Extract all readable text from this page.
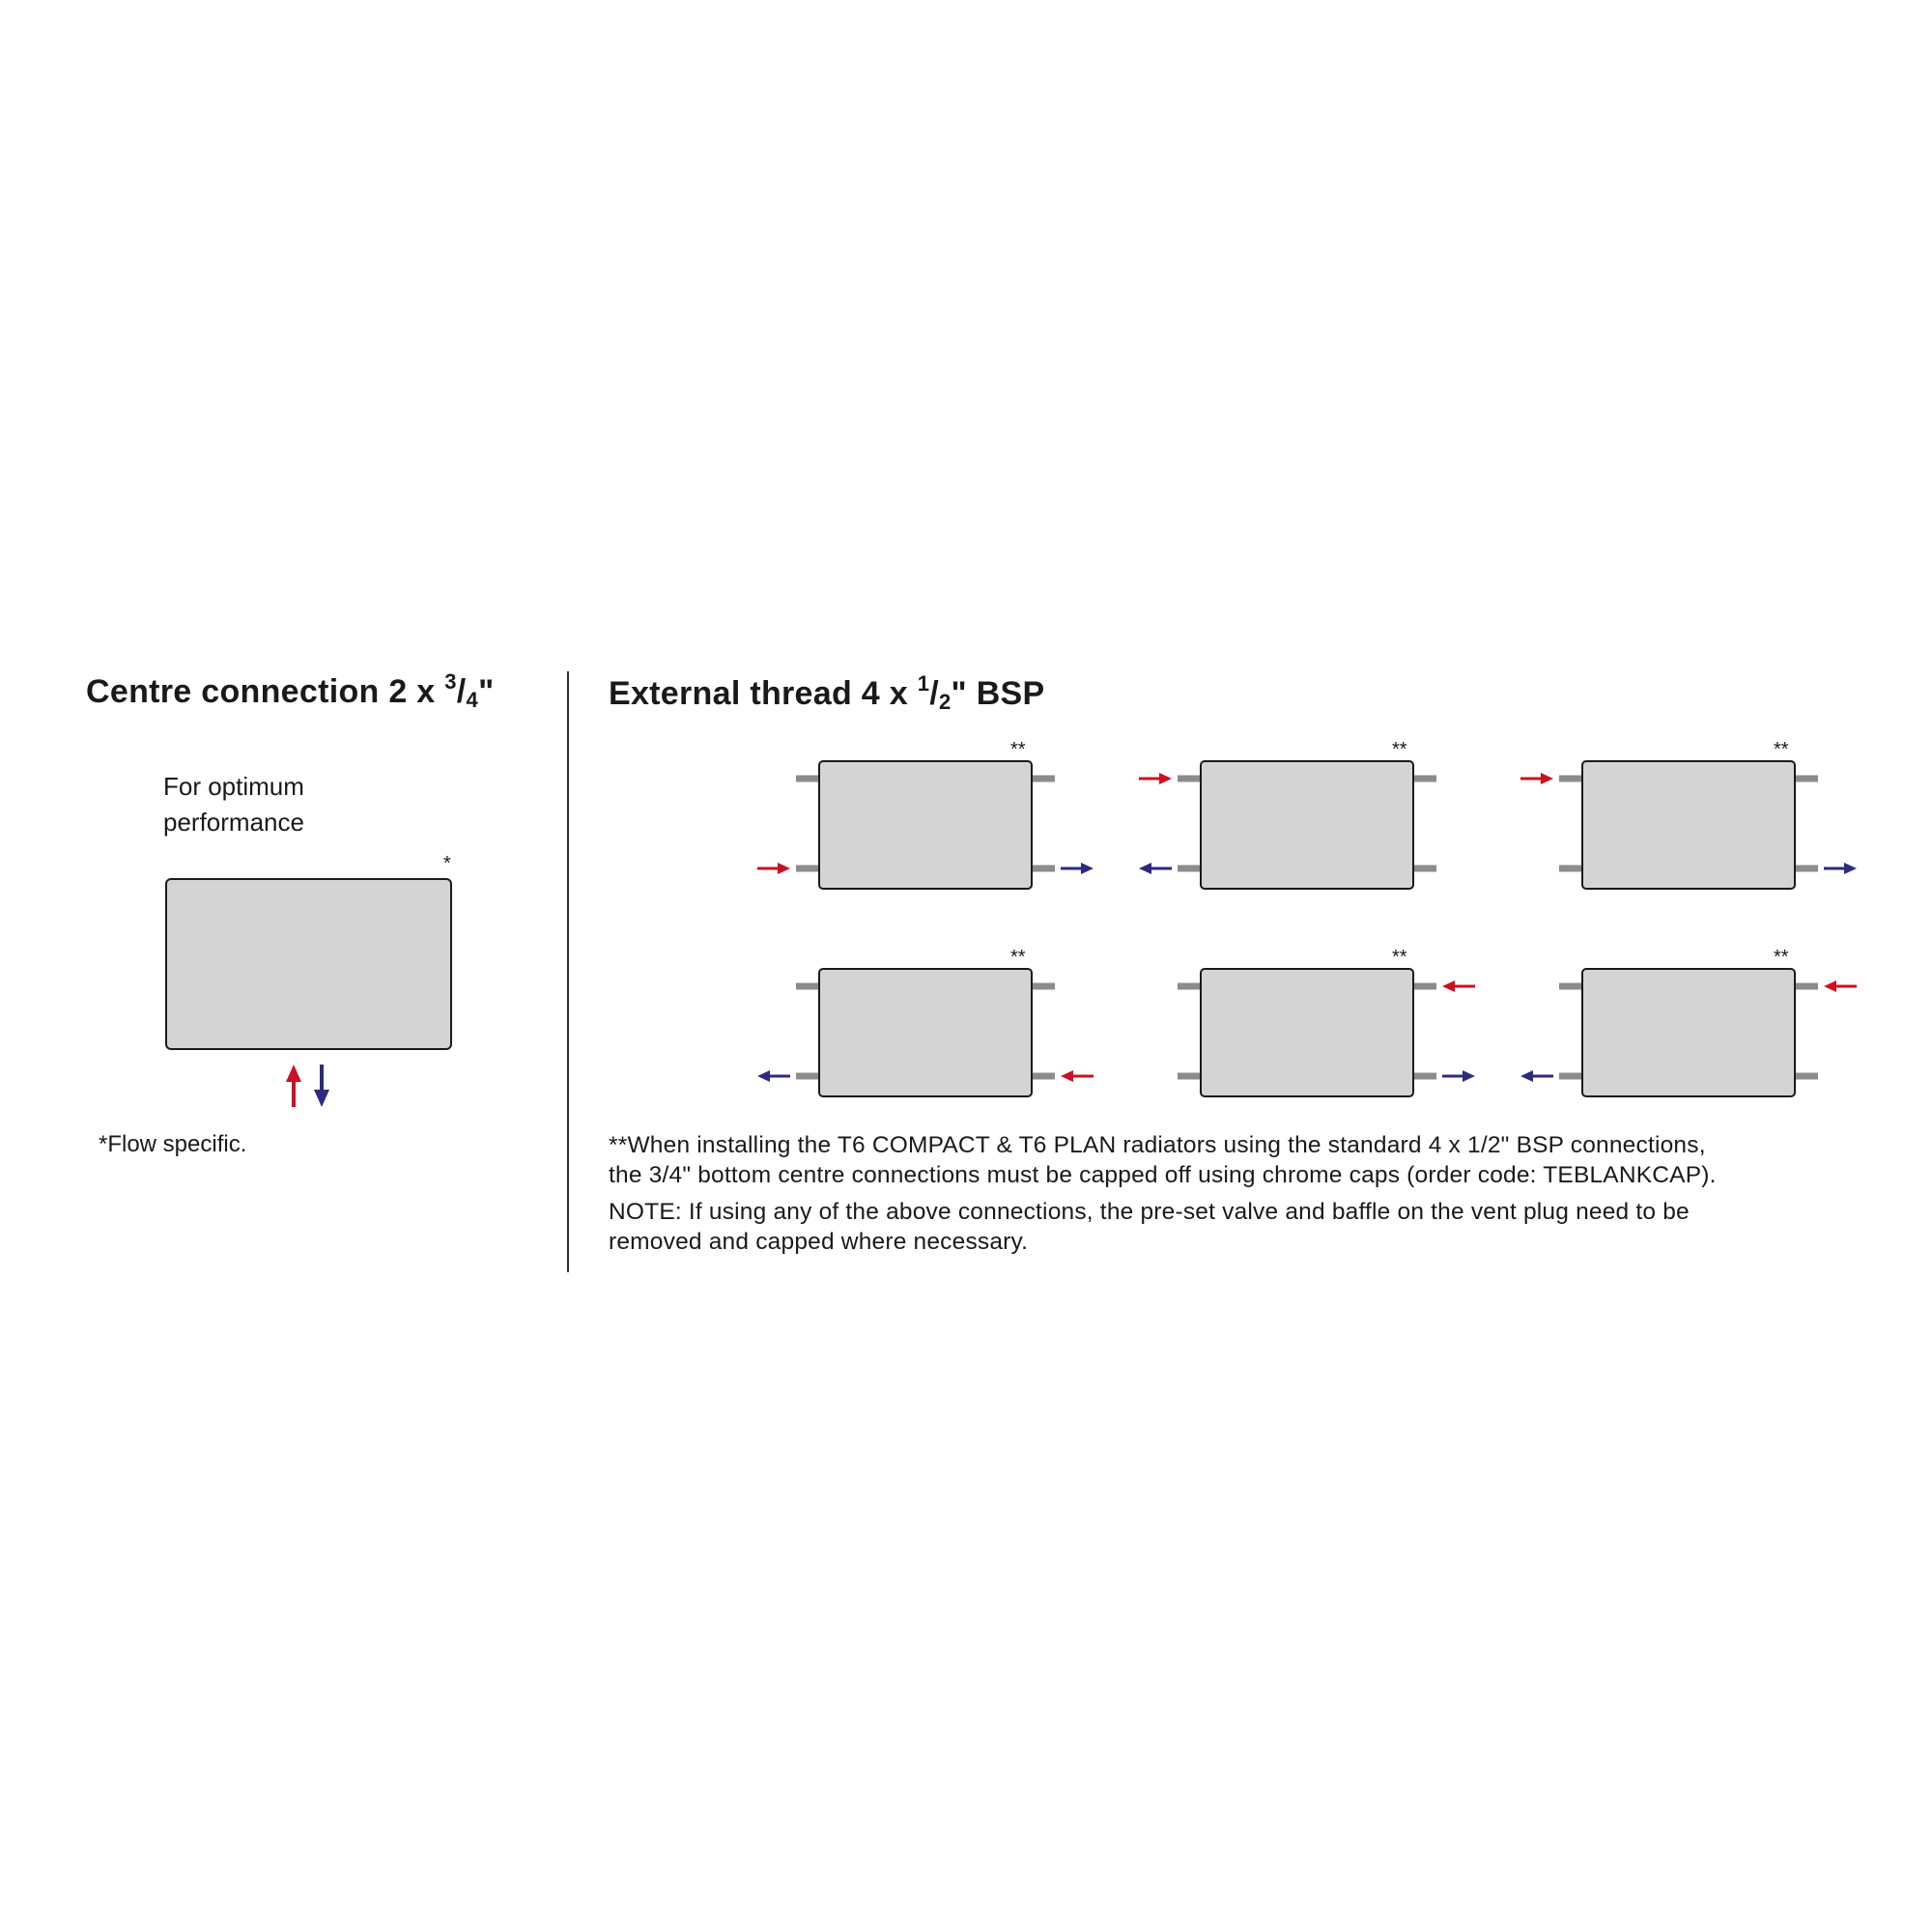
Centre connection 2 x $^3/_4$"
For optimum
performance
*
*Flow specific.
External thread 4 x $^1/_2$" BSP
**	**	**
**	**	**
**When installing the T6 COMPACT & T6 PLAN radiators using the standard 4 x 1/2" BSP connections,
the 3/4" bottom centre connections must be capped off using chrome caps (order code: TEBLANKCAP).
NOTE: If using any of the above connections, the pre-set valve and baffle on the vent plug need to be
removed and capped where necessary.
